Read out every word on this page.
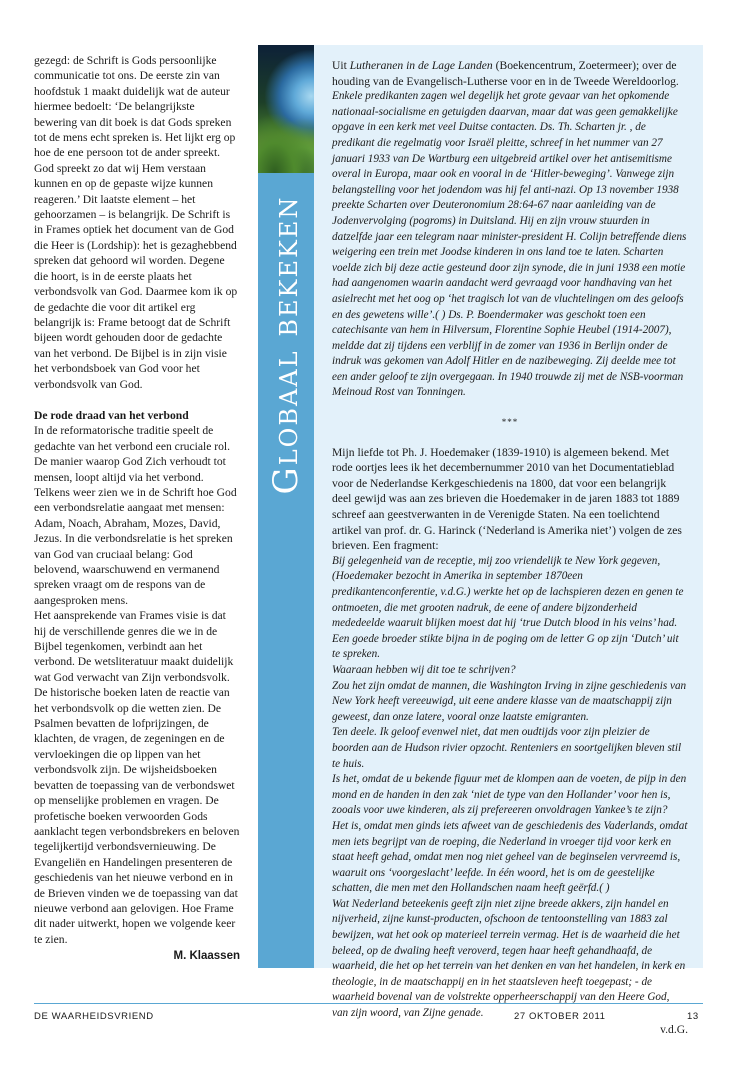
gezegd: de Schrift is Gods persoonlijke communicatie tot ons. De eerste zin van hoofdstuk 1 maakt duidelijk wat de auteur hiermee bedoelt: ‘De belangrijkste bewering van dit boek is dat Gods spreken tot de mens echt spreken is. Het lijkt erg op hoe de ene persoon tot de ander spreekt. God spreekt zo dat wij Hem verstaan kunnen en op de gepaste wijze kunnen reageren.’ Dit laatste element – het gehoorzamen – is belangrijk. De Schrift is in Frames optiek het document van de God die Heer is (Lordship): het is gezaghebbend spreken dat gehoord wil worden. Degene die hoort, is in de eerste plaats het verbondsvolk van God. Daarmee kom ik op de gedachte die voor dit artikel erg belangrijk is: Frame betoogt dat de Schrift bijeen wordt gehouden door de gedachte van het verbond. De Bijbel is in zijn visie het verbondsboek van God voor het verbondsvolk van God.

De rode draad van het verbond

In de reformatorische traditie speelt de gedachte van het verbond een cruciale rol. De manier waarop God Zich verhoudt tot mensen, loopt altijd via het verbond. Telkens weer zien we in de Schrift hoe God een verbondsrelatie aangaat met mensen: Adam, Noach, Abraham, Mozes, David, Jezus. In die verbondsrelatie is het spreken van God van cruciaal belang: God belovend, waarschuwend en vermanend spreken vraagt om de respons van de aangesproken mens.

Het aansprekende van Frames visie is dat hij de verschillende genres die we in de Bijbel tegenkomen, verbindt aan het verbond. De wetsliteratuur maakt duidelijk wat God verwacht van Zijn verbondsvolk. De historische boeken laten de reactie van het verbondsvolk op die wetten zien. De Psalmen bevatten de lofprijzingen, de klachten, de vragen, de zegeningen en de vervloekingen die op lippen van het verbondsvolk zijn. De wijsheidsboeken bevatten de toepassing van de verbondswet op menselijke problemen en vragen. De profetische boeken verwoorden Gods aanklacht tegen verbondsbrekers en beloven tegelijkertijd verbondsvernieuwing. De Evangeliën en Handelingen presenteren de geschiedenis van het nieuwe verbond en in de Brieven vinden we de toepassing van dat nieuwe verbond aan gelovigen. Hoe Frame dit nader uitwerkt, hopen we volgende keer te zien.

M. Klaassen

Globaal bekeken

Uit Lutheranen in de Lage Landen (Boekencentrum, Zoetermeer); over de houding van de Evangelisch-Lutherse voor en in de Tweede Wereldoorlog.

Enkele predikanten zagen wel degelijk het grote gevaar van het opkomende nationaal-socialisme en getuigden daarvan, maar dat was geen gemakkelijke opgave in een kerk met veel Duitse contacten. Ds. Th. Scharten jr. , de predikant die regelmatig voor Israël pleitte, schreef in het nummer van 27 januari 1933 van De Wartburg een uitgebreid artikel over het antisemitisme overal in Europa, maar ook en vooral in de ‘Hitler-beweging’. Vanwege zijn belangstelling voor het jodendom was hij fel anti-nazi. Op 13 november 1938 preekte Scharten over Deuteronomium 28:64-67 naar aanleiding van de Jodenvervolging (pogroms) in Duitsland. Hij en zijn vrouw stuurden in datzelfde jaar een telegram naar minister-president H. Colijn betreffende diens weigering een trein met Joodse kinderen in ons land toe te laten. Scharten voelde zich bij deze actie gesteund door zijn synode, die in juni 1938 een motie had aangenomen waarin aandacht werd gevraagd voor handhaving van het asielrecht met het oog op ‘het tragisch lot van de vluchtelingen om des geloofs en des gewetens wille’.( ) Ds. P. Boendermaker was geschokt toen een catechisante van hem in Hilversum, Florentine Sophie Heubel (1914-2007), meldde dat zij tijdens een verblijf in de zomer van 1936 in Berlijn onder de indruk was gekomen van Adolf Hitler en de nazibeweging. Zij deelde mee tot een ander geloof te zijn overgegaan. In 1940 trouwde zij met de NSB-voorman Meinoud Rost van Tonningen.

***

Mijn liefde tot Ph. J. Hoedemaker (1839-1910) is algemeen bekend. Met rode oortjes lees ik het decembernummer 2010 van het Documentatieblad voor de Nederlandse Kerkgeschiedenis na 1800, dat voor een belangrijk deel gewijd was aan zes brieven die Hoedemaker in de jaren 1883 tot 1889 schreef aan geestverwanten in de Verenigde Staten. Na een toelichtend artikel van prof. dr. G. Harinck (‘Nederland is Amerika niet’) volgen de zes brieven. Een fragment:

Bij gelegenheid van de receptie, mij zoo vriendelijk te New York gegeven, (Hoedemaker bezocht in Amerika in september 1870een predikantenconferentie, v.d.G.) werkte het op de lachspieren dezen en genen te ontmoeten, die met grooten nadruk, de eene of andere bijzonderheid mededeelde waaruit blijken moest dat hij ‘true Dutch blood in his veins’ had. Een goede broeder stikte bijna in de poging om de letter G op zijn ‘Dutch’ uit te spreken.

Waaraan hebben wij dit toe te schrijven?

Zou het zijn omdat de mannen, die Washington Irving in zijne geschiedenis van New York heeft vereeuwigd, uit eene andere klasse van de maatschappij zijn geweest, dan onze latere, vooral onze laatste emigranten.

Ten deele. Ik geloof evenwel niet, dat men oudtijds voor zijn pleizier de boorden aan de Hudson rivier opzocht. Renteniers en soortgelijken bleven stil te huis.

Is het, omdat de u bekende figuur met de klompen aan de voeten, de pijp in den mond en de handen in den zak ‘niet de type van den Hollander’ voor hen is, zooals voor uwe kinderen, als zij prefereeren onvoldragen Yankee’s te zijn?

Het is, omdat men ginds iets afweet van de geschiedenis des Vaderlands, omdat men iets begrijpt van de roeping, die Nederland in vroeger tijd voor kerk en staat heeft gehad, omdat men nog niet geheel van de beginselen vervreemd is, waaruit ons ‘voorgeslacht’ leefde. In één woord, het is om de geestelijke schatten, die men met den Hollandschen naam heeft geërfd.( )

Wat Nederland beteekenis geeft zijn niet zijne breede akkers, zijn handel en nijverheid, zijne kunst-producten, ofschoon de tentoonstelling van 1883 zal bewijzen, wat het ook op materieel terrein vermag. Het is de waarheid die het beleed, op de dwaling heeft veroverd, tegen haar heeft gehandhaafd, de waarheid, die het op het terrein van het denken en van het handelen, in kerk en theologie, in de maatschappij en in het staatsleven heeft toegepast; - de waarheid bovenal van de volstrekte opperheerschappij van den Heere God, van zijn woord, van Zijne genade.

v.d.G.

DE WAARHEIDSVRIEND	27 OKTOBER 2011	13
